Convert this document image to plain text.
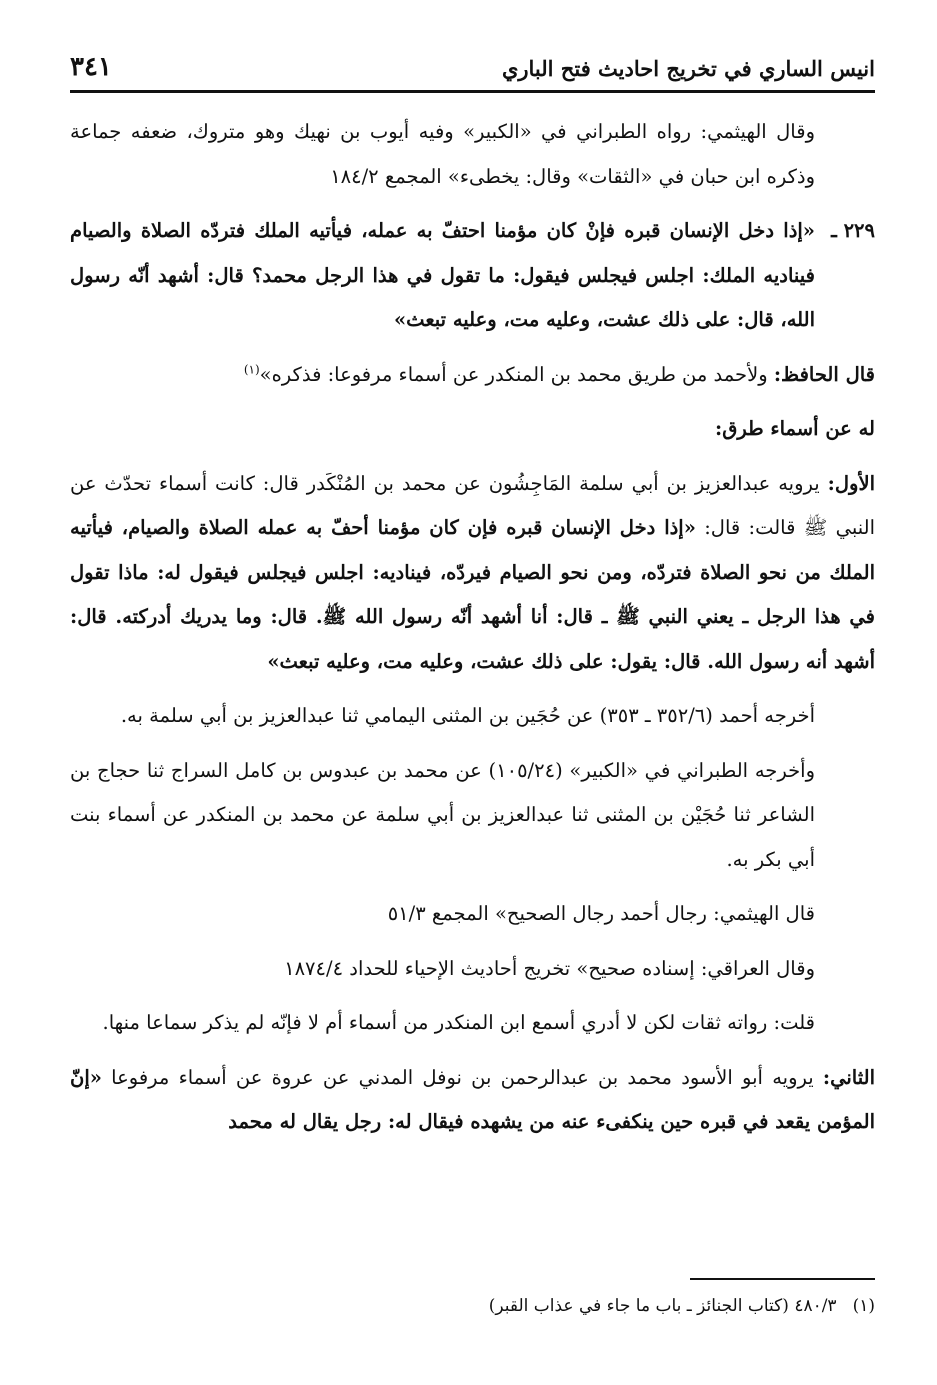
انيس الساري في تخريج احاديث فتح الباري
٣٤١

وقال الهيثمي: رواه الطبراني في «الكبير» وفيه أيوب بن نهيك وهو متروك، ضعفه جماعة وذكره ابن حبان في «الثقات» وقال: يخطىء» المجمع ١٨٤/٢

٢٢٩ ـ

«إذا دخل الإنسان قبره فإنْ كان مؤمنا احتفّ به عمله، فيأتيه الملك فتردّه الصلاة والصيام فيناديه الملك: اجلس فيجلس فيقول: ما تقول في هذا الرجل محمد؟ قال: أشهد أنّه رسول الله، قال: على ذلك عشت، وعليه مت، وعليه تبعث»

قال الحافظ: ولأحمد من طريق محمد بن المنكدر عن أسماء مرفوعا: فذكره»$^{(١)}$

له عن أسماء طرق:

الأول: يرويه عبدالعزيز بن أبي سلمة المَاجِشُون عن محمد بن المُنْكَدر قال: كانت أسماء تحدّث عن النبي ﷺ قالت: قال: «إذا دخل الإنسان قبره فإن كان مؤمنا أحفّ به عمله الصلاة والصيام، فيأتيه الملك من نحو الصلاة فتردّه، ومن نحو الصيام فيردّه، فيناديه: اجلس فيجلس فيقول له: ماذا تقول في هذا الرجل ـ يعني النبي ﷺ ـ قال: أنا أشهد أنّه رسول الله ﷺ. قال: وما يدريك أدركته. قال: أشهد أنه رسول الله. قال: يقول: على ذلك عشت، وعليه مت، وعليه تبعث»

أخرجه أحمد (٣٥٢/٦ ـ ٣٥٣) عن حُجَين بن المثنى اليمامي ثنا عبدالعزيز بن أبي سلمة به.

وأخرجه الطبراني في «الكبير» (١٠٥/٢٤) عن محمد بن عبدوس بن كامل السراج ثنا حجاج بن الشاعر ثنا حُجَيْن بن المثنى ثنا عبدالعزيز بن أبي سلمة عن محمد بن المنكدر عن أسماء بنت أبي بكر به.

قال الهيثمي: رجال أحمد رجال الصحيح» المجمع ٥١/٣

وقال العراقي: إسناده صحيح» تخريج أحاديث الإحياء للحداد ١٨٧٤/٤

قلت: رواته ثقات لكن لا أدري أسمع ابن المنكدر من أسماء أم لا فإنّه لم يذكر سماعا منها.

الثاني: يرويه أبو الأسود محمد بن عبدالرحمن بن نوفل المدني عن عروة عن أسماء مرفوعا «إنّ المؤمن يقعد في قبره حين ينكفىء عنه من يشهده فيقال له: رجل يقال له محمد

(١)٤٨٠/٣ (كتاب الجنائز ـ باب ما جاء في عذاب القبر)
